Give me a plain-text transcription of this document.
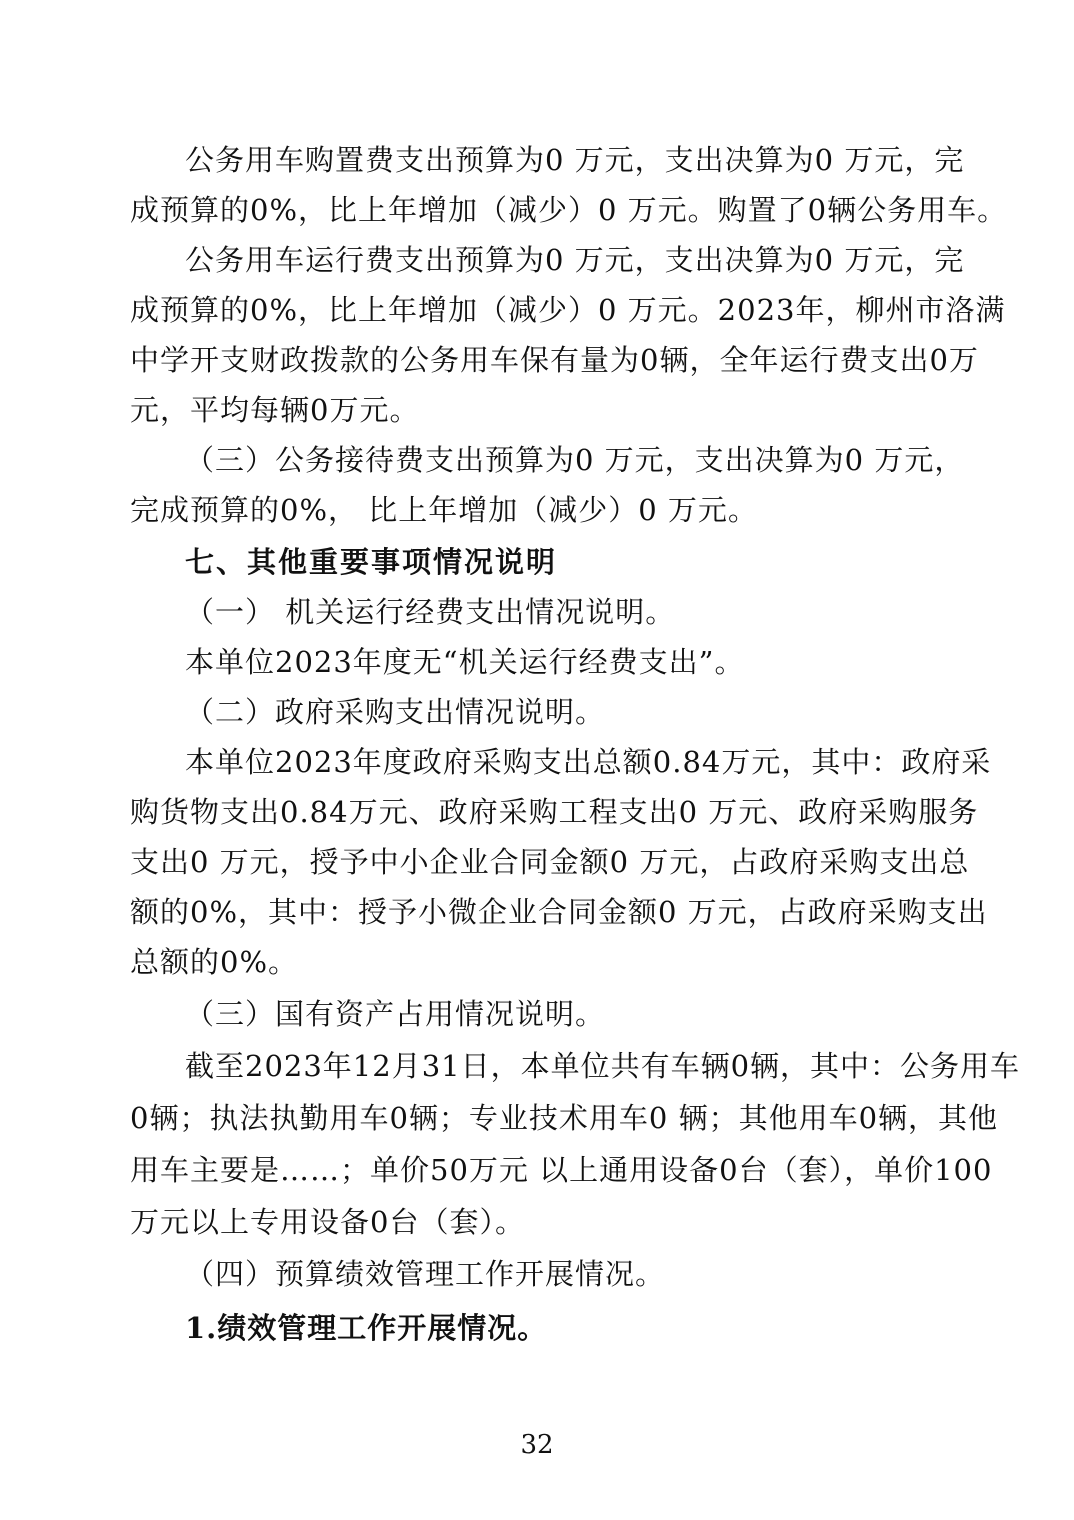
公务用车购置费支出预算为0 万元，支出决算为0 万元，完
成预算的0%，比上年增加（减少）0 万元。购置了0辆公务用车。
公务用车运行费支出预算为0 万元，支出决算为0 万元，完
成预算的0%，比上年增加（减少）0 万元。2023年，柳州市洛满
中学开支财政拨款的公务用车保有量为0辆，全年运行费支出0万
元，平均每辆0万元。
（三）公务接待费支出预算为0 万元，支出决算为0 万元，
完成预算的0%， 比上年增加（减少）0 万元。
七、其他重要事项情况说明
（一） 机关运行经费支出情况说明。
本单位2023年度无“机关运行经费支出”。
（二）政府采购支出情况说明。
本单位2023年度政府采购支出总额0.84万元，其中：政府采
购货物支出0.84万元、政府采购工程支出0 万元、政府采购服务
支出0 万元，授予中小企业合同金额0 万元，占政府采购支出总
额的0%，其中：授予小微企业合同金额0 万元，占政府采购支出
总额的0%。
（三）国有资产占用情况说明。
截至2023年12月31日，本单位共有车辆0辆，其中：公务用车
0辆；执法执勤用车0辆；专业技术用车0 辆；其他用车0辆，其他
用车主要是……；单价50万元 以上通用设备0台（套），单价100
万元以上专用设备0台（套）。
（四）预算绩效管理工作开展情况。
1.绩效管理工作开展情况。
32
